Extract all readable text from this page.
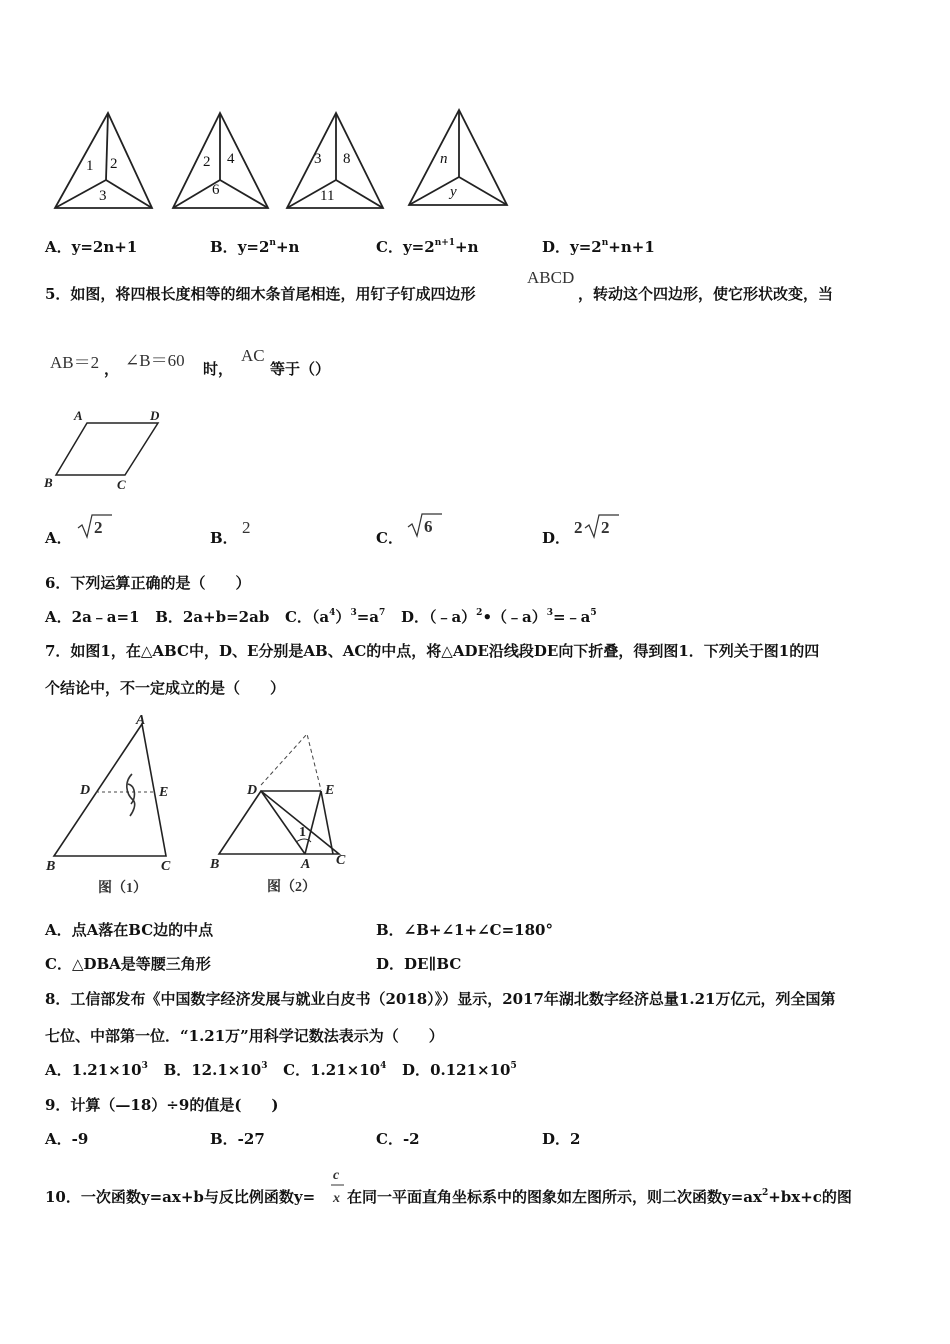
1 2
3
2 4
6
3 8
11
n
y
A．y=2n+1	B．$y=2^n+n$	C．$y=2^{n+1}+n$	D．$y=2^n+n+1$
5．如图，将四根长度相等的细木条首尾相连，用钉子钉成四边形
ABCD
，转动这个四边形，使它形状改变，当
AB＝2 ， ∠B＝60 时，
AC
等于（）
A	D
B	C
A．
2
B．
2
C．
6
D．
2 2
6．下列运算正确的是（　　）
A．2a﹣a=1 B．2a+b=2ab C．$(a^4)^3=a^7$ D．$(﹣a)^2•(﹣a)^3=﹣a^5$
7．如图1，在△ABC中，D、E分别是AB、AC的中点，将△ADE沿线段DE向下折叠，得到图1．下列关于图1的四
个结论中，不一定成立的是（　　）
A
D	E
B	C
图（1）
D	E
1
B	A C
图（2）
A．点A落在BC边的中点	B．∠B+∠1+∠C=180°
C．△DBA是等腰三角形	D．DE∥BC
8．工信部发布《中国数字经济发展与就业白皮书（2018）》）显示，2017年湖北数字经济总量1.21万亿元，列全国第
七位、中部第一位．“1.21万”用科学记数法表示为（　　）
A．$1.21\times 10^3$ B．$12.1\times 10^3$ C．$1.21\times 10^4$ D．$0.121\times 10^5$
9．计算（—18）÷9的值是(　　)
A．-9	B．-27	C．-2	D．2
10．一次函数y=ax+b与反比例函数y=
c
x 在同一平面直角坐标系中的图象如左图所示，则二次函数$y=ax^2+bx+c$的图
